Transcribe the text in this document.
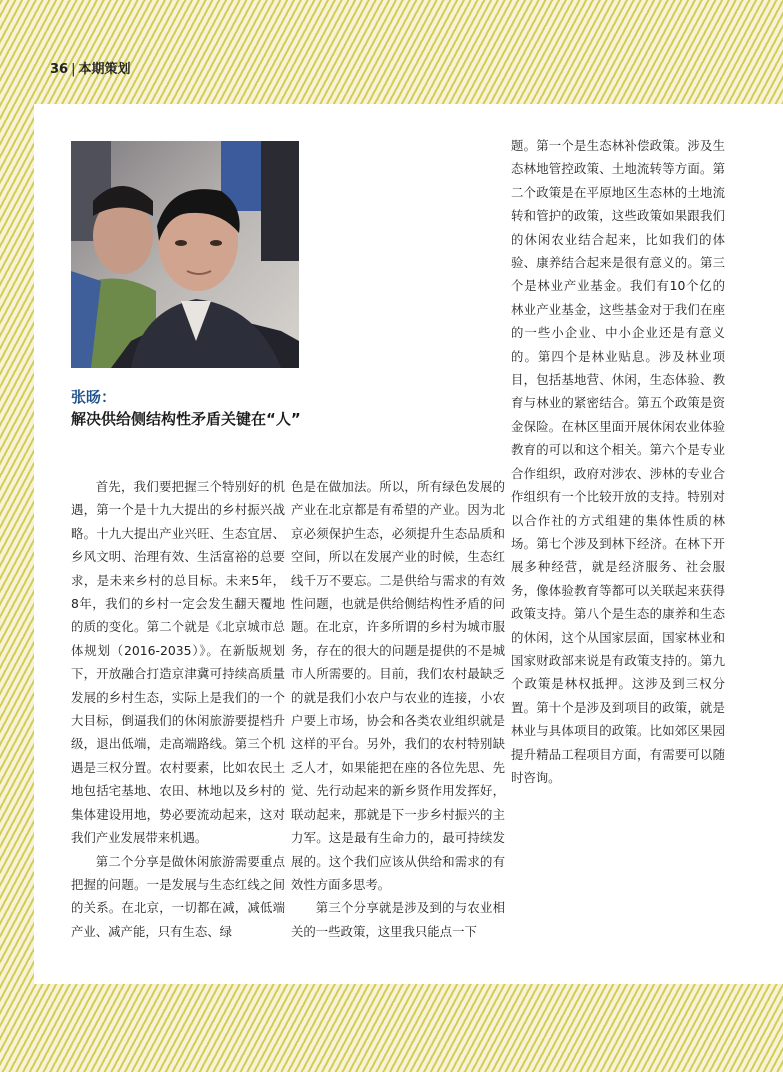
36 | 本期策划
张旸：
解决供给侧结构性矛盾关键在“人”

首先，我们要把握三个特别好的机遇，第一个是十九大提出的乡村振兴战略。十九大提出产业兴旺、生态宜居、乡风文明、治理有效、生活富裕的总要求，是未来乡村的总目标。未来5年，8年，我们的乡村一定会发生翻天覆地的质的变化。第二个就是《北京城市总体规划（2016-2035）》。在新版规划下，开放融合打造京津冀可持续高质量发展的乡村生态，实际上是我们的一个大目标，倒逼我们的休闲旅游要提档升级，退出低端，走高端路线。第三个机遇是三权分置。农村要素，比如农民土地包括宅基地、农田、林地以及乡村的集体建设用地，势必要流动起来，这对我们产业发展带来机遇。

第二个分享是做休闲旅游需要重点把握的问题。一是发展与生态红线之间的关系。在北京，一切都在减，减低端产业、减产能，只有生态、绿

色是在做加法。所以，所有绿色发展的产业在北京都是有希望的产业。因为北京必须保护生态，必须提升生态品质和空间，所以在发展产业的时候，生态红线千万不要忘。二是供给与需求的有效性问题，也就是供给侧结构性矛盾的问题。在北京，许多所谓的乡村为城市服务，存在的很大的问题是提供的不是城市人所需要的。目前，我们农村最缺乏的就是我们小农户与农业的连接，小农户要上市场，协会和各类农业组织就是这样的平台。另外，我们的农村特别缺乏人才，如果能把在座的各位先思、先觉、先行动起来的新乡贤作用发挥好，联动起来，那就是下一步乡村振兴的主力军。这是最有生命力的，最可持续发展的。这个我们应该从供给和需求的有效性方面多思考。

第三个分享就是涉及到的与农业相关的一些政策，这里我只能点一下

题。第一个是生态林补偿政策。涉及生态林地管控政策、土地流转等方面。第二个政策是在平原地区生态林的土地流转和管护的政策，这些政策如果跟我们的休闲农业结合起来，比如我们的体验、康养结合起来是很有意义的。第三个是林业产业基金。我们有10个亿的林业产业基金，这些基金对于我们在座的一些小企业、中小企业还是有意义的。第四个是林业贴息。涉及林业项目，包括基地营、休闲，生态体验、教育与林业的紧密结合。第五个政策是资金保险。在林区里面开展休闲农业体验教育的可以和这个相关。第六个是专业合作组织，政府对涉农、涉林的专业合作组织有一个比较开放的支持。特别对以合作社的方式组建的集体性质的林场。第七个涉及到林下经济。在林下开展多种经营，就是经济服务、社会服务，像体验教育等都可以关联起来获得政策支持。第八个是生态的康养和生态的休闲，这个从国家层面，国家林业和国家财政部来说是有政策支持的。第九个政策是林权抵押。这涉及到三权分置。第十个是涉及到项目的政策，就是林业与具体项目的政策。比如郊区果园提升精品工程项目方面，有需要可以随时咨询。
